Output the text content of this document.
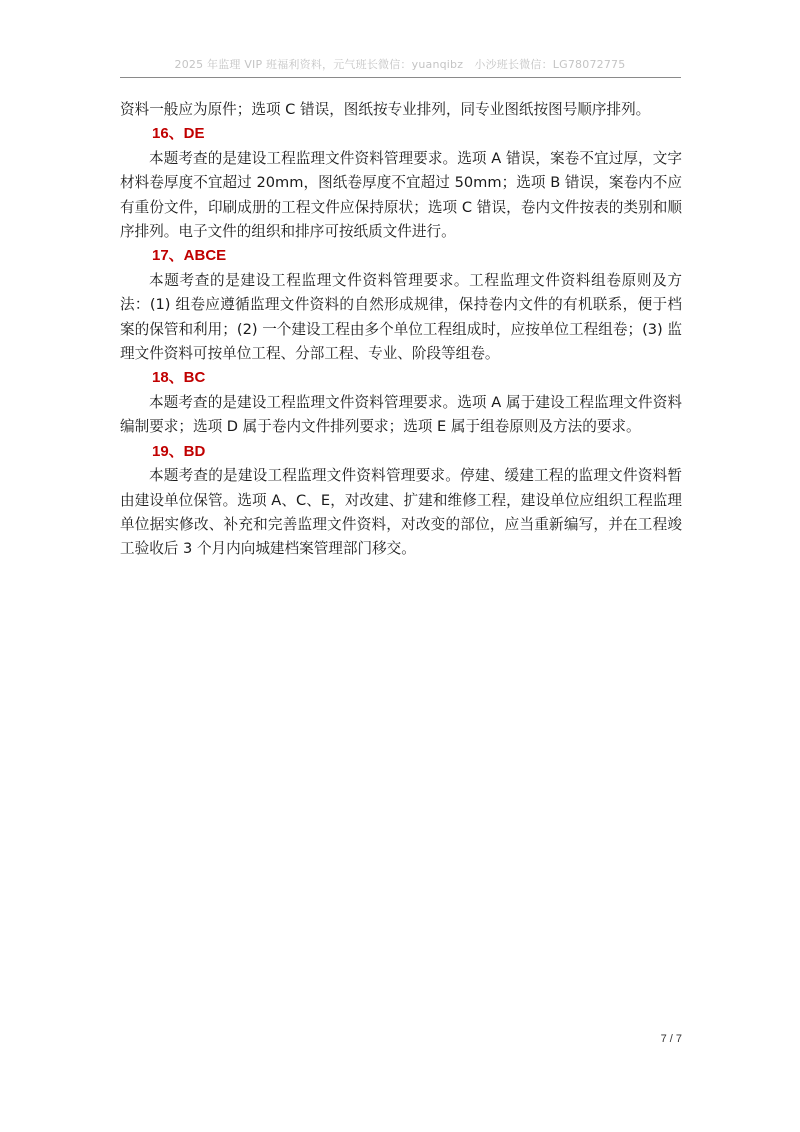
2025 年监理 VIP 班福利资料，元气班长微信：yuanqibz　小沙班长微信：LG78072775

资料一般应为原件；选项 C 错误，图纸按专业排列，同专业图纸按图号顺序排列。

16、DE

本题考查的是建设工程监理文件资料管理要求。选项 A 错误，案卷不宜过厚，文字材料卷厚度不宜超过 20mm，图纸卷厚度不宜超过 50mm；选项 B 错误，案卷内不应有重份文件，印刷成册的工程文件应保持原状；选项 C 错误，卷内文件按表的类别和顺序排列。电子文件的组织和排序可按纸质文件进行。

17、ABCE

本题考查的是建设工程监理文件资料管理要求。工程监理文件资料组卷原则及方法：(1) 组卷应遵循监理文件资料的自然形成规律，保持卷内文件的有机联系，便于档案的保管和利用；(2) 一个建设工程由多个单位工程组成时，应按单位工程组卷；(3) 监理文件资料可按单位工程、分部工程、专业、阶段等组卷。

18、BC

本题考查的是建设工程监理文件资料管理要求。选项 A 属于建设工程监理文件资料编制要求；选项 D 属于卷内文件排列要求；选项 E 属于组卷原则及方法的要求。

19、BD

本题考查的是建设工程监理文件资料管理要求。停建、缓建工程的监理文件资料暂由建设单位保管。选项 A、C、E，对改建、扩建和维修工程，建设单位应组织工程监理单位据实修改、补充和完善监理文件资料，对改变的部位，应当重新编写，并在工程竣工验收后 3 个月内向城建档案管理部门移交。

7 / 7
